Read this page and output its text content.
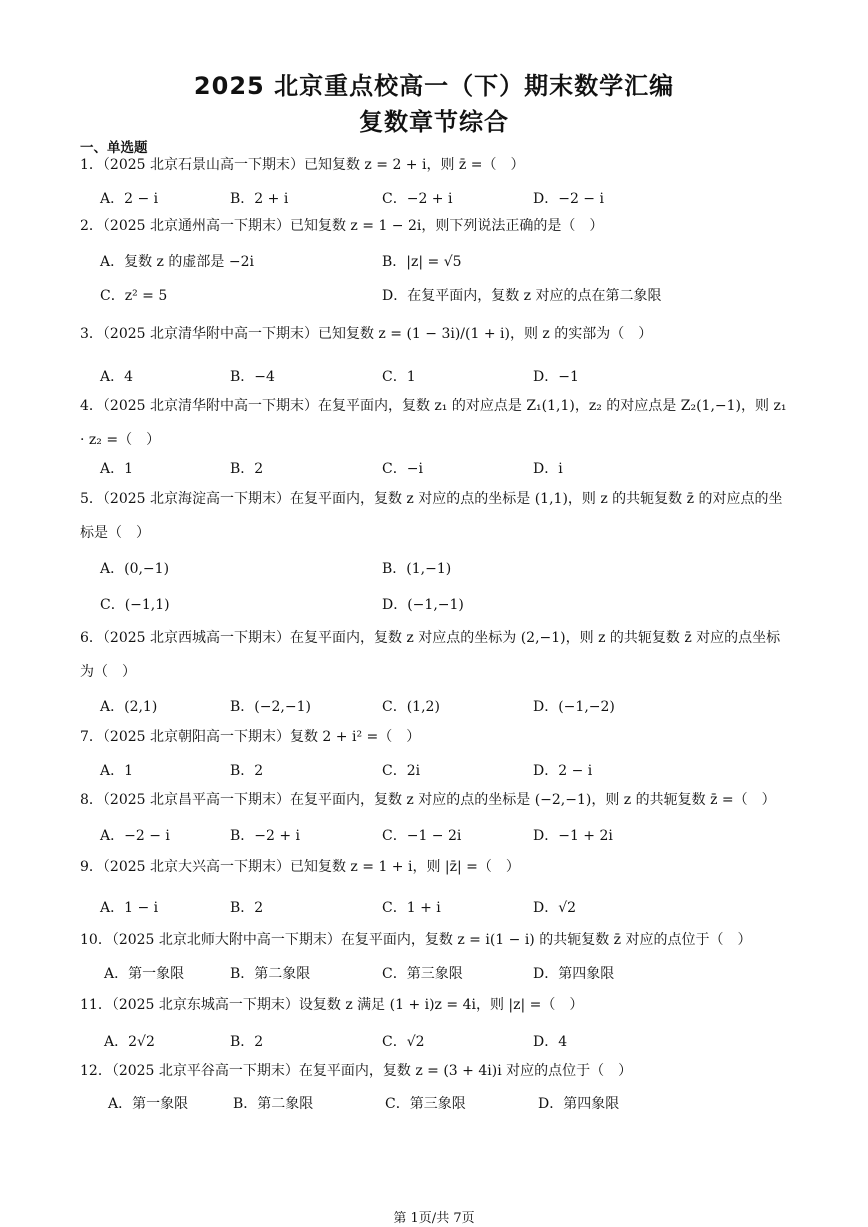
2025 北京重点校高一（下）期末数学汇编
复数章节综合
一、单选题
1．（2025 北京石景山高一下期末）已知复数 z = 2 + i，则 z̄ =（　）
A．2 − i	B．2 + i	C．−2 + i	D．−2 − i
2．（2025 北京通州高一下期末）已知复数 z = 1 − 2i，则下列说法正确的是（　）
A．复数 z 的虚部是 −2i	B．|z| = √5
C．z² = 5	D．在复平面内，复数 z 对应的点在第二象限
3．（2025 北京清华附中高一下期末）已知复数 z = (1 − 3i)/(1 + i)，则 z 的实部为（　）
A．4	B．−4	C．1	D．−1
4．（2025 北京清华附中高一下期末）在复平面内，复数 z₁ 的对应点是 Z₁(1,1)，z₂ 的对应点是 Z₂(1,−1)，则 z₁ · z₂ =（　）
A．1	B．2	C．−i	D．i
5．（2025 北京海淀高一下期末）在复平面内，复数 z 对应的点的坐标是 (1,1)，则 z 的共轭复数 z̄ 的对应点的坐标是（　）
A．(0,−1)	B．(1,−1)
C．(−1,1)	D．(−1,−1)
6．（2025 北京西城高一下期末）在复平面内，复数 z 对应点的坐标为 (2,−1)，则 z 的共轭复数 z̄ 对应的点坐标为（　）
A．(2,1)	B．(−2,−1)	C．(1,2)	D．(−1,−2)
7．（2025 北京朝阳高一下期末）复数 2 + i² =（　）
A．1	B．2	C．2i	D．2 − i
8．（2025 北京昌平高一下期末）在复平面内，复数 z 对应的点的坐标是 (−2,−1)，则 z 的共轭复数 z̄ =（　）
A．−2 − i	B．−2 + i	C．−1 − 2i	D．−1 + 2i
9．（2025 北京大兴高一下期末）已知复数 z = 1 + i，则 |z̄| =（　）
A．1 − i	B．2	C．1 + i	D．√2
10．（2025 北京北师大附中高一下期末）在复平面内，复数 z = i(1 − i) 的共轭复数 z̄ 对应的点位于（　）
A．第一象限	B．第二象限	C．第三象限	D．第四象限
11．（2025 北京东城高一下期末）设复数 z 满足 (1 + i)z = 4i，则 |z| =（　）
A．2√2	B．2	C．√2	D．4
12．（2025 北京平谷高一下期末）在复平面内，复数 z = (3 + 4i)i 对应的点位于（　）
A．第一象限	B．第二象限	C．第三象限	D．第四象限
第 1页/共 7页
